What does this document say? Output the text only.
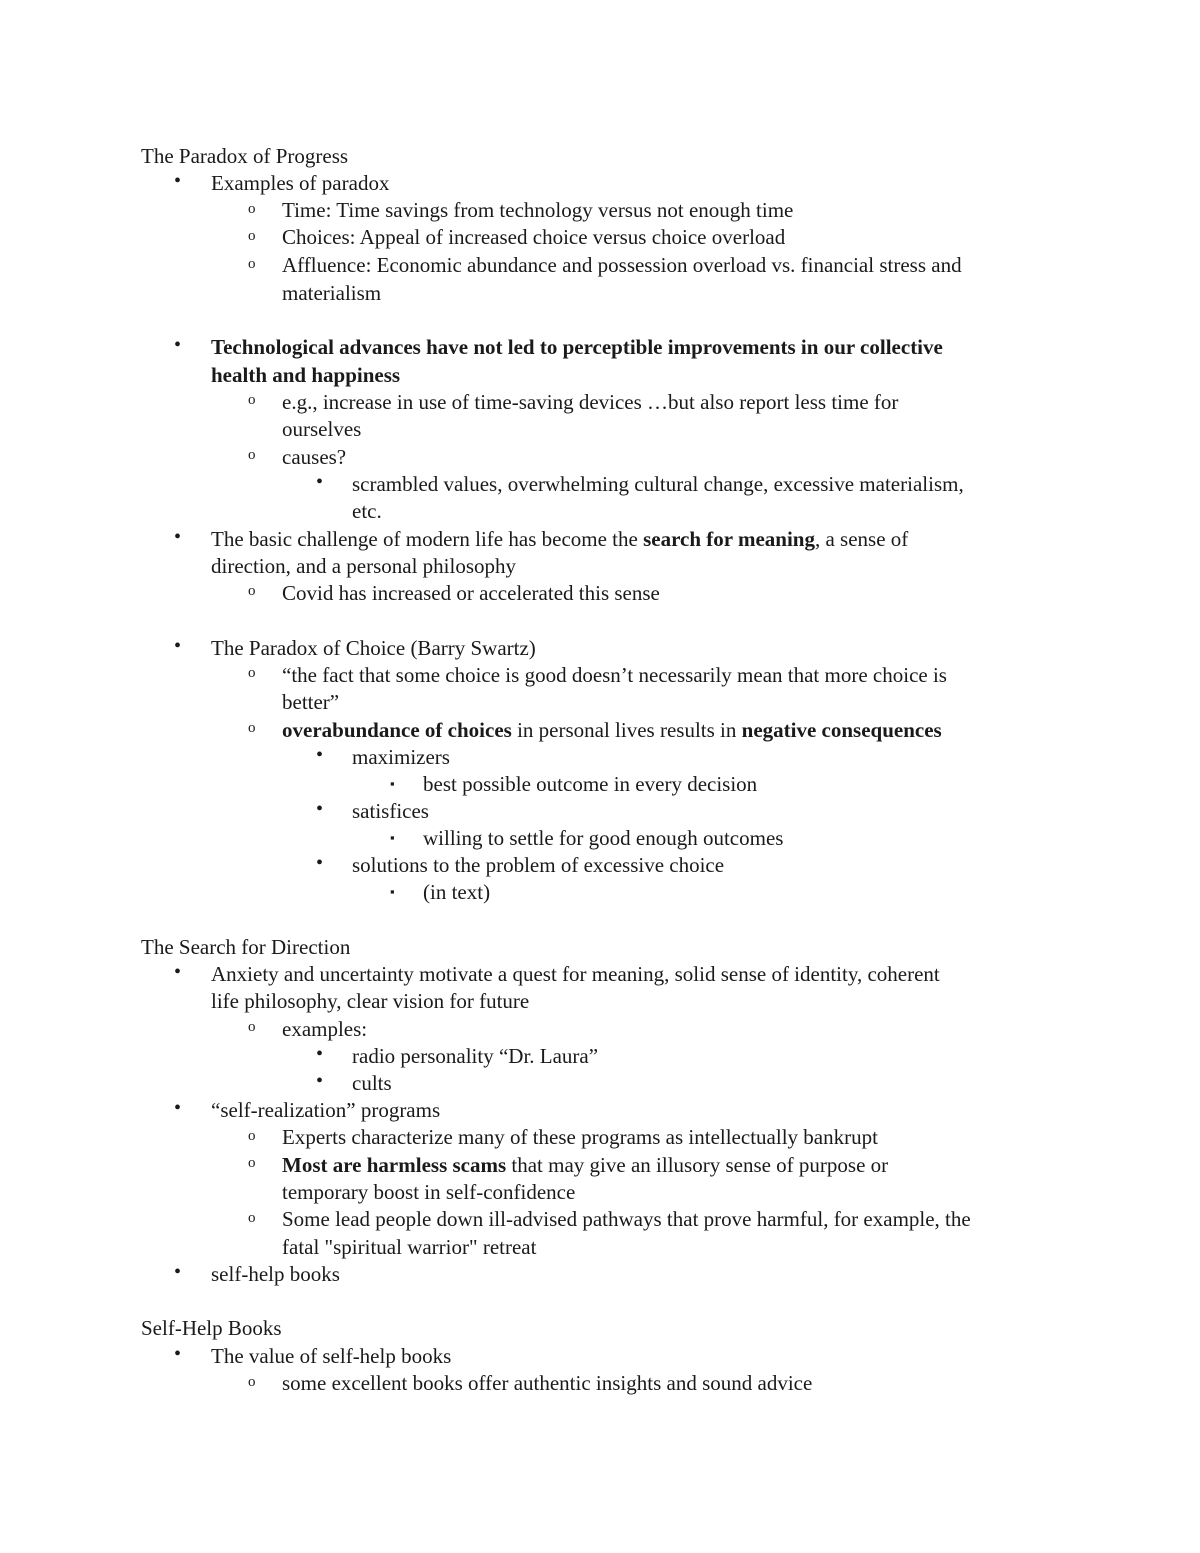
The Paradox of Progress
• Examples of paradox
o Time: Time savings from technology versus not enough time
o Choices: Appeal of increased choice versus choice overload
o Affluence: Economic abundance and possession overload vs. financial stress and
materialism
• Technological advances have not led to perceptible improvements in our collective
health and happiness
o e.g., increase in use of time-saving devices …but also report less time for
ourselves
o causes?
• scrambled values, overwhelming cultural change, excessive materialism,
etc.
• The basic challenge of modern life has become the search for meaning, a sense of
direction, and a personal philosophy
o Covid has increased or accelerated this sense
• The Paradox of Choice (Barry Swartz)
o “the fact that some choice is good doesn’t necessarily mean that more choice is
better”
o overabundance of choices in personal lives results in negative consequences
• maximizers
▪ best possible outcome in every decision
• satisfices
▪ willing to settle for good enough outcomes
• solutions to the problem of excessive choice
▪ (in text)
The Search for Direction
• Anxiety and uncertainty motivate a quest for meaning, solid sense of identity, coherent
life philosophy, clear vision for future
o examples:
• radio personality “Dr. Laura”
• cults
• “self-realization” programs
o Experts characterize many of these programs as intellectually bankrupt
o Most are harmless scams that may give an illusory sense of purpose or
temporary boost in self-confidence
o Some lead people down ill-advised pathways that prove harmful, for example, the
fatal "spiritual warrior" retreat
• self-help books
Self-Help Books
• The value of self-help books
o some excellent books offer authentic insights and sound advice
